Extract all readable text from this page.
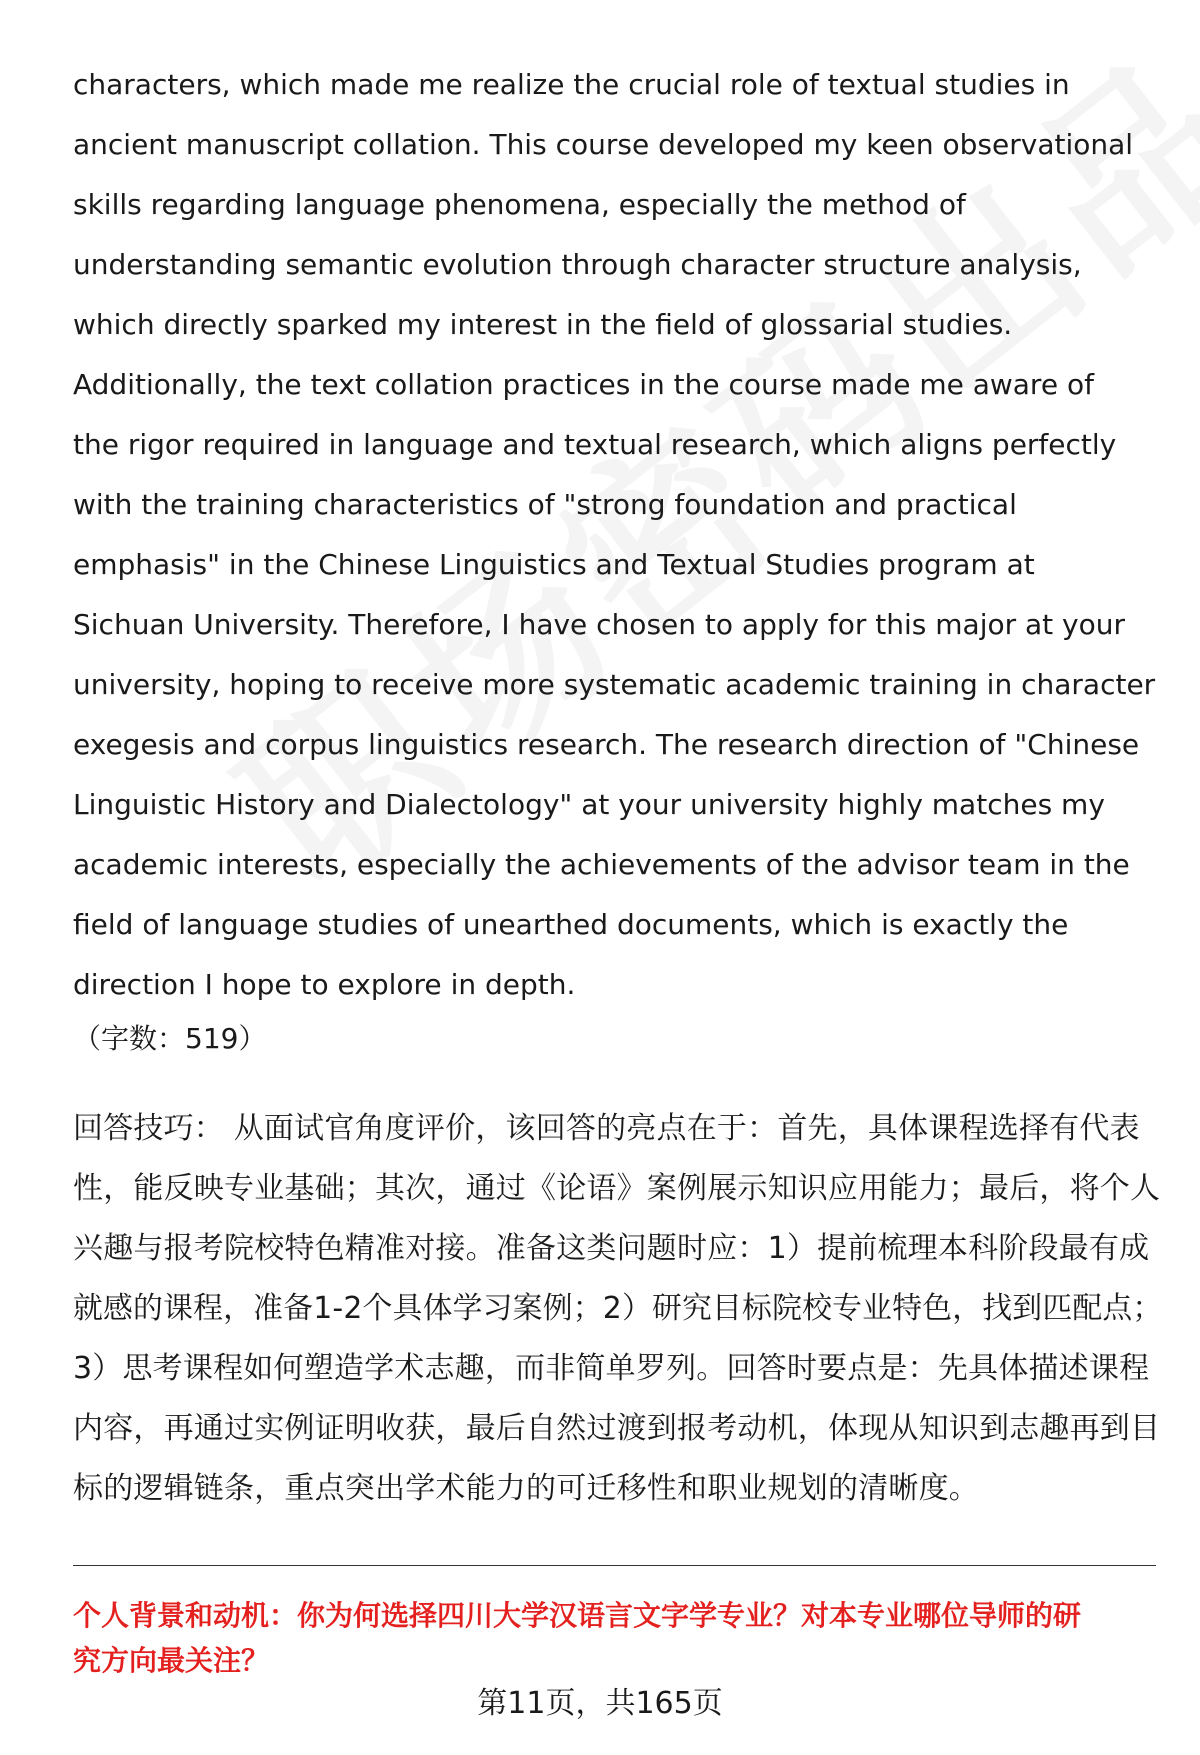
characters, which made me realize the crucial role of textual studies in
ancient manuscript collation. This course developed my keen observational
skills regarding language phenomena, especially the method of
understanding semantic evolution through character structure analysis,
which directly sparked my interest in the field of glossarial studies.
Additionally, the text collation practices in the course made me aware of
the rigor required in language and textual research, which aligns perfectly
with the training characteristics of "strong foundation and practical
emphasis" in the Chinese Linguistics and Textual Studies program at
Sichuan University. Therefore, I have chosen to apply for this major at your
university, hoping to receive more systematic academic training in character
exegesis and corpus linguistics research. The research direction of "Chinese
Linguistic History and Dialectology" at your university highly matches my
academic interests, especially the achievements of the advisor team in the
field of language studies of unearthed documents, which is exactly the
direction I hope to explore in depth.
（字数：519）
回答技巧： 从面试官角度评价，该回答的亮点在于：首先，具体课程选择有代表
性，能反映专业基础；其次，通过《论语》案例展示知识应用能力；最后，将个人
兴趣与报考院校特色精准对接。准备这类问题时应：1）提前梳理本科阶段最有成
就感的课程，准备1-2个具体学习案例；2）研究目标院校专业特色，找到匹配点；
3）思考课程如何塑造学术志趣，而非简单罗列。回答时要点是：先具体描述课程
内容，再通过实例证明收获，最后自然过渡到报考动机，体现从知识到志趣再到目
标的逻辑链条，重点突出学术能力的可迁移性和职业规划的清晰度。
个人背景和动机：你为何选择四川大学汉语言文字学专业？对本专业哪位导师的研
究方向最关注？
第11页，共165页
